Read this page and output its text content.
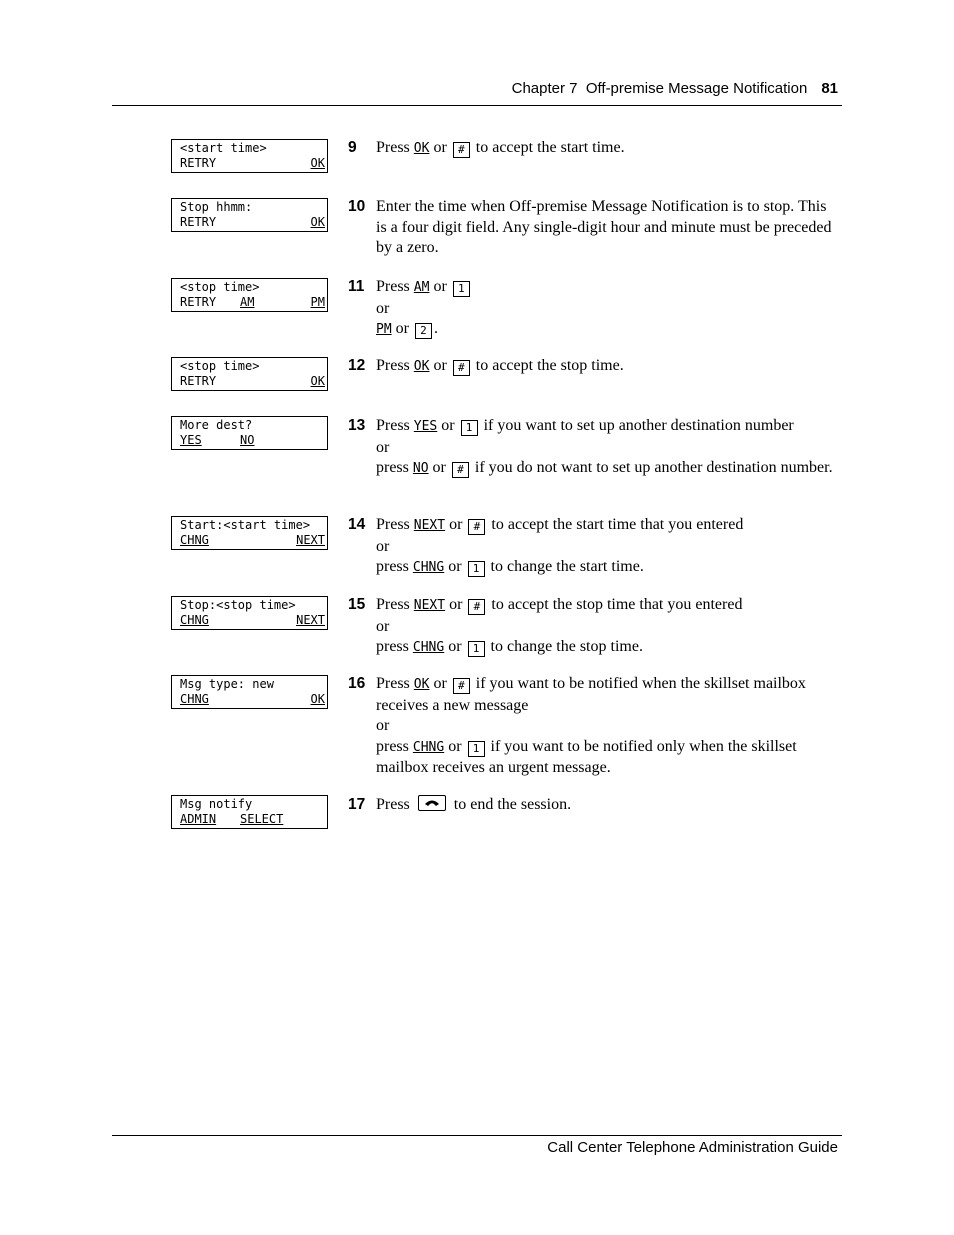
Chapter 7  Off-premise Message Notification 81
<start time>
RETRY	OK
Stop hhmm:
RETRY	OK
<stop time>
RETRY AM	PM
<stop time>
RETRY	OK
More dest?
YES	NO
Start:<start time>
CHNG	NEXT
Stop:<stop time>
CHNG	NEXT
Msg type: new
CHNG	OK
Msg notify
ADMIN SELECT
9 Press OK or # to accept the start time.
10 Enter the time when Off-premise Message Notification is to stop. This is a four digit field. Any single-digit hour and minute must be preceded by a zero.
11 Press AM or 1
or
PM or 2 .
12 Press OK or # to accept the stop time.
13 Press YES or 1 if you want to set up another destination number
or
press NO or # if you do not want to set up another destination number.
14 Press NEXT or # to accept the start time that you entered
or
press CHNG or 1 to change the start time.
15 Press NEXT or # to accept the stop time that you entered
or
press CHNG or 1 to change the stop time.
16 Press OK or # if you want to be notified when the skillset mailbox receives a new message
or
press CHNG or 1 if you want to be notified only when the skillset mailbox receives an urgent message.
17 Press
to end the session.
Call Center Telephone Administration Guide
